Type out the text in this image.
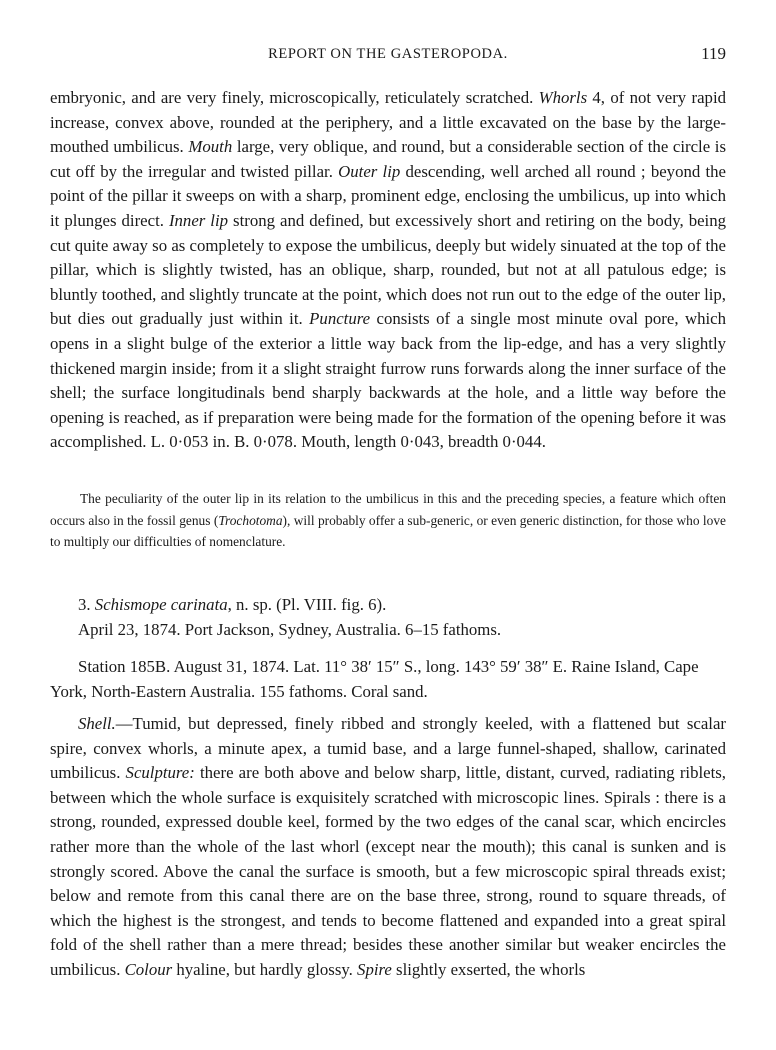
REPORT ON THE GASTEROPODA.	119

embryonic, and are very finely, microscopically, reticulately scratched. Whorls 4, of not very rapid increase, convex above, rounded at the periphery, and a little excavated on the base by the large-mouthed umbilicus. Mouth large, very oblique, and round, but a considerable section of the circle is cut off by the irregular and twisted pillar. Outer lip descending, well arched all round ; beyond the point of the pillar it sweeps on with a sharp, prominent edge, enclosing the umbilicus, up into which it plunges direct. Inner lip strong and defined, but excessively short and retiring on the body, being cut quite away so as completely to expose the umbilicus, deeply but widely sinuated at the top of the pillar, which is slightly twisted, has an oblique, sharp, rounded, but not at all patulous edge; is bluntly toothed, and slightly truncate at the point, which does not run out to the edge of the outer lip, but dies out gradually just within it. Puncture consists of a single most minute oval pore, which opens in a slight bulge of the exterior a little way back from the lip-edge, and has a very slightly thickened margin inside; from it a slight straight furrow runs forwards along the inner surface of the shell; the surface longitudinals bend sharply backwards at the hole, and a little way before the opening is reached, as if preparation were being made for the formation of the opening before it was accomplished. L. 0·053 in. B. 0·078. Mouth, length 0·043, breadth 0·044.

The peculiarity of the outer lip in its relation to the umbilicus in this and the preceding species, a feature which often occurs also in the fossil genus (Trochotoma), will probably offer a sub-generic, or even generic distinction, for those who love to multiply our difficulties of nomenclature.

3. Schismope carinata, n. sp. (Pl. VIII. fig. 6).

April 23, 1874. Port Jackson, Sydney, Australia. 6–15 fathoms.

Station 185B. August 31, 1874. Lat. 11° 38′ 15″ S., long. 143° 59′ 38″ E. Raine Island, Cape York, North-Eastern Australia. 155 fathoms. Coral sand.

Shell.—Tumid, but depressed, finely ribbed and strongly keeled, with a flattened but scalar spire, convex whorls, a minute apex, a tumid base, and a large funnel-shaped, shallow, carinated umbilicus. Sculpture: there are both above and below sharp, little, distant, curved, radiating riblets, between which the whole surface is exquisitely scratched with microscopic lines. Spirals : there is a strong, rounded, expressed double keel, formed by the two edges of the canal scar, which encircles rather more than the whole of the last whorl (except near the mouth); this canal is sunken and is strongly scored. Above the canal the surface is smooth, but a few microscopic spiral threads exist; below and remote from this canal there are on the base three, strong, round to square threads, of which the highest is the strongest, and tends to become flattened and expanded into a great spiral fold of the shell rather than a mere thread; besides these another similar but weaker encircles the umbilicus. Colour hyaline, but hardly glossy. Spire slightly exserted, the whorls
